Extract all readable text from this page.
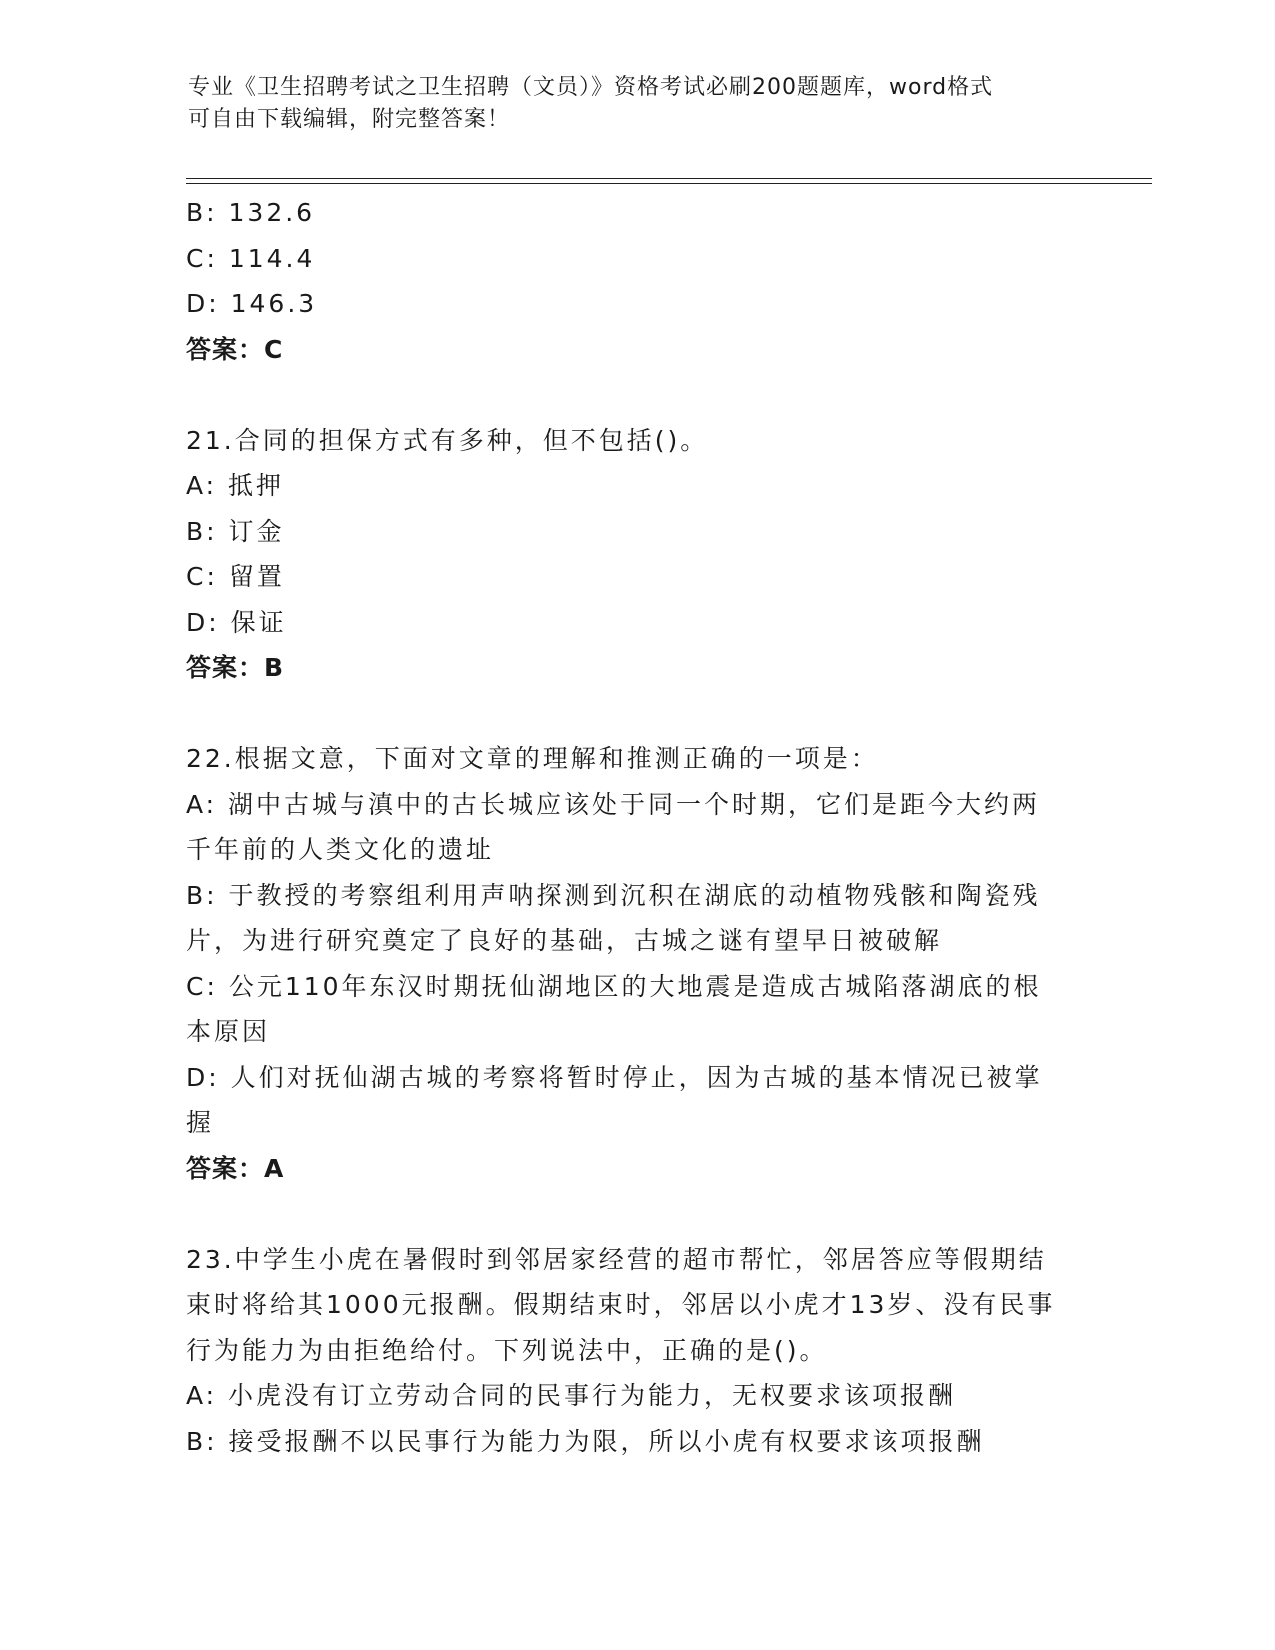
专业《卫生招聘考试之卫生招聘（文员）》资格考试必刷200题题库，word格式
可自由下载编辑，附完整答案！
B: 132.6
C: 114.4
D: 146.3
答案：C
21.合同的担保方式有多种，但不包括()。
A: 抵押
B: 订金
C: 留置
D: 保证
答案：B
22.根据文意，下面对文章的理解和推测正确的一项是：
A: 湖中古城与滇中的古长城应该处于同一个时期，它们是距今大约两千年前的人类文化的遗址
B: 于教授的考察组利用声呐探测到沉积在湖底的动植物残骸和陶瓷残片，为进行研究奠定了良好的基础，古城之谜有望早日被破解
C: 公元110年东汉时期抚仙湖地区的大地震是造成古城陷落湖底的根本原因
D: 人们对抚仙湖古城的考察将暂时停止，因为古城的基本情况已被掌握
答案：A
23.中学生小虎在暑假时到邻居家经营的超市帮忙，邻居答应等假期结束时将给其1000元报酬。假期结束时，邻居以小虎才13岁、没有民事行为能力为由拒绝给付。下列说法中，正确的是()。
A: 小虎没有订立劳动合同的民事行为能力，无权要求该项报酬
B: 接受报酬不以民事行为能力为限，所以小虎有权要求该项报酬
